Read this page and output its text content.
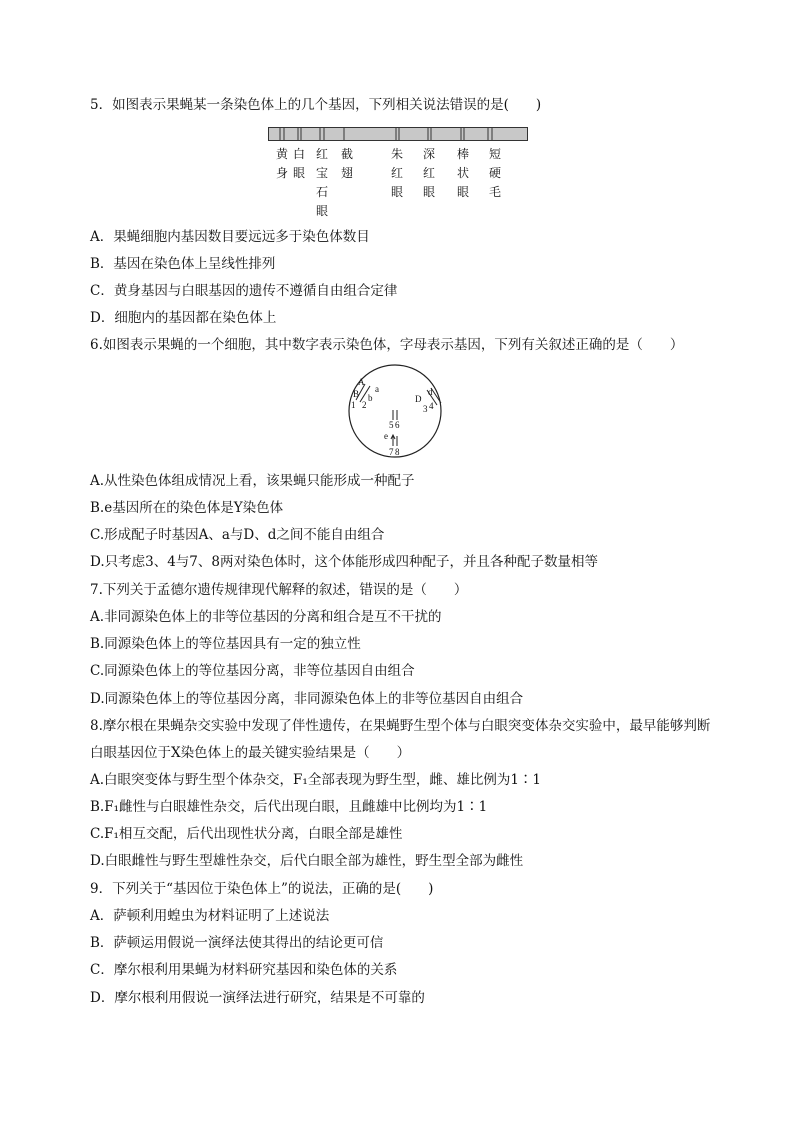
5．如图表示果蝇某一条染色体上的几个基因，下列相关说法错误的是(　　)
黄
身
白
眼
红
宝
石
眼
截
翅
朱
红
眼
深
红
眼
棒
状
眼
短
硬
毛
A．果蝇细胞内基因数目要远远多于染色体数目
B．基因在染色体上呈线性排列
C．黄身基因与白眼基因的遗传不遵循自由组合定律
D．细胞内的基因都在染色体上
6.如图表示果蝇的一个细胞，其中数字表示染色体，字母表示基因，下列有关叙述正确的是（　　）
A
a
B b	D
d
e
1 2	3 4
5 6
7 8
A.从性染色体组成情况上看，该果蝇只能形成一种配子
B.e基因所在的染色体是Y染色体
C.形成配子时基因A、a与D、d之间不能自由组合
D.只考虑3、4与7、8两对染色体时，这个体能形成四种配子，并且各种配子数量相等
7.下列关于孟德尔遗传规律现代解释的叙述，错误的是（　　）
A.非同源染色体上的非等位基因的分离和组合是互不干扰的
B.同源染色体上的等位基因具有一定的独立性
C.同源染色体上的等位基因分离，非等位基因自由组合
D.同源染色体上的等位基因分离，非同源染色体上的非等位基因自由组合
8.摩尔根在果蝇杂交实验中发现了伴性遗传，在果蝇野生型个体与白眼突变体杂交实验中，最早能够判断
白眼基因位于X染色体上的最关键实验结果是（　　）
A.白眼突变体与野生型个体杂交，F₁全部表现为野生型，雌、雄比例为1∶1
B.F₁雌性与白眼雄性杂交，后代出现白眼，且雌雄中比例均为1∶1
C.F₁相互交配，后代出现性状分离，白眼全部是雄性
D.白眼雌性与野生型雄性杂交，后代白眼全部为雄性，野生型全部为雌性
9．下列关于“基因位于染色体上”的说法，正确的是(　　)
A．萨顿利用蝗虫为材料证明了上述说法
B．萨顿运用假说一演绎法使其得出的结论更可信
C．摩尔根利用果蝇为材料研究基因和染色体的关系
D．摩尔根利用假说一演绎法进行研究，结果是不可靠的
